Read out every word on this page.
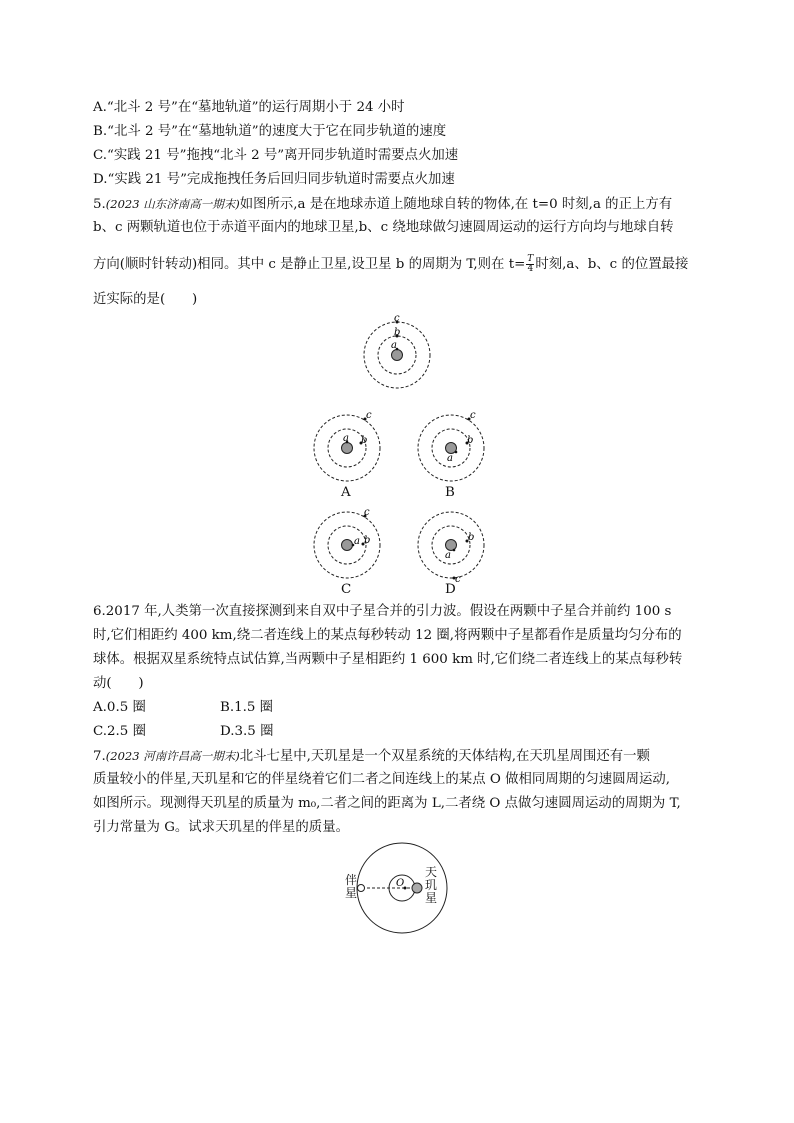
A.“北斗 2 号”在“墓地轨道”的运行周期小于 24 小时
B.“北斗 2 号”在“墓地轨道”的速度大于它在同步轨道的速度
C.“实践 21 号”拖拽“北斗 2 号”离开同步轨道时需要点火加速
D.“实践 21 号”完成拖拽任务后回归同步轨道时需要点火加速
5.(2023 山东济南高一期末)如图所示,a 是在地球赤道上随地球自转的物体,在 t=0 时刻,a 的正上方有
b、c 两颗轨道也位于赤道平面内的地球卫星,b、c 绕地球做匀速圆周运动的运行方向均与地球自转
方向(顺时针转动)相同。其中 c 是静止卫星,设卫星 b 的周期为 T,则在 $t= \frac{T}{4}$ 时刻,a、b、c 的位置最接
近实际的是(　　)
a
b
c
a b
c
A
a
b
c
B
a b
c
C
a
b
c
D
6.2017 年,人类第一次直接探测到来自双中子星合并的引力波。假设在两颗中子星合并前约 100 s
时,它们相距约 400 km,绕二者连线上的某点每秒转动 12 圈,将两颗中子星都看作是质量均匀分布的
球体。根据双星系统特点试估算,当两颗中子星相距约 1 600 km 时,它们绕二者连线上的某点每秒转
动(　　)
A.0.5 圈	B.1.5 圈
C.2.5 圈	D.3.5 圈
7.(2023 河南许昌高一期末)北斗七星中,天玑星是一个双星系统的天体结构,在天玑星周围还有一颗
质量较小的伴星,天玑星和它的伴星绕着它们二者之间连线上的某点 O 做相同周期的匀速圆周运动,
如图所示。现测得天玑星的质量为 m₀,二者之间的距离为 L,二者绕 O 点做匀速圆周运动的周期为 T,
引力常量为 G。试求天玑星的伴星的质量。
O
伴星
天玑星
